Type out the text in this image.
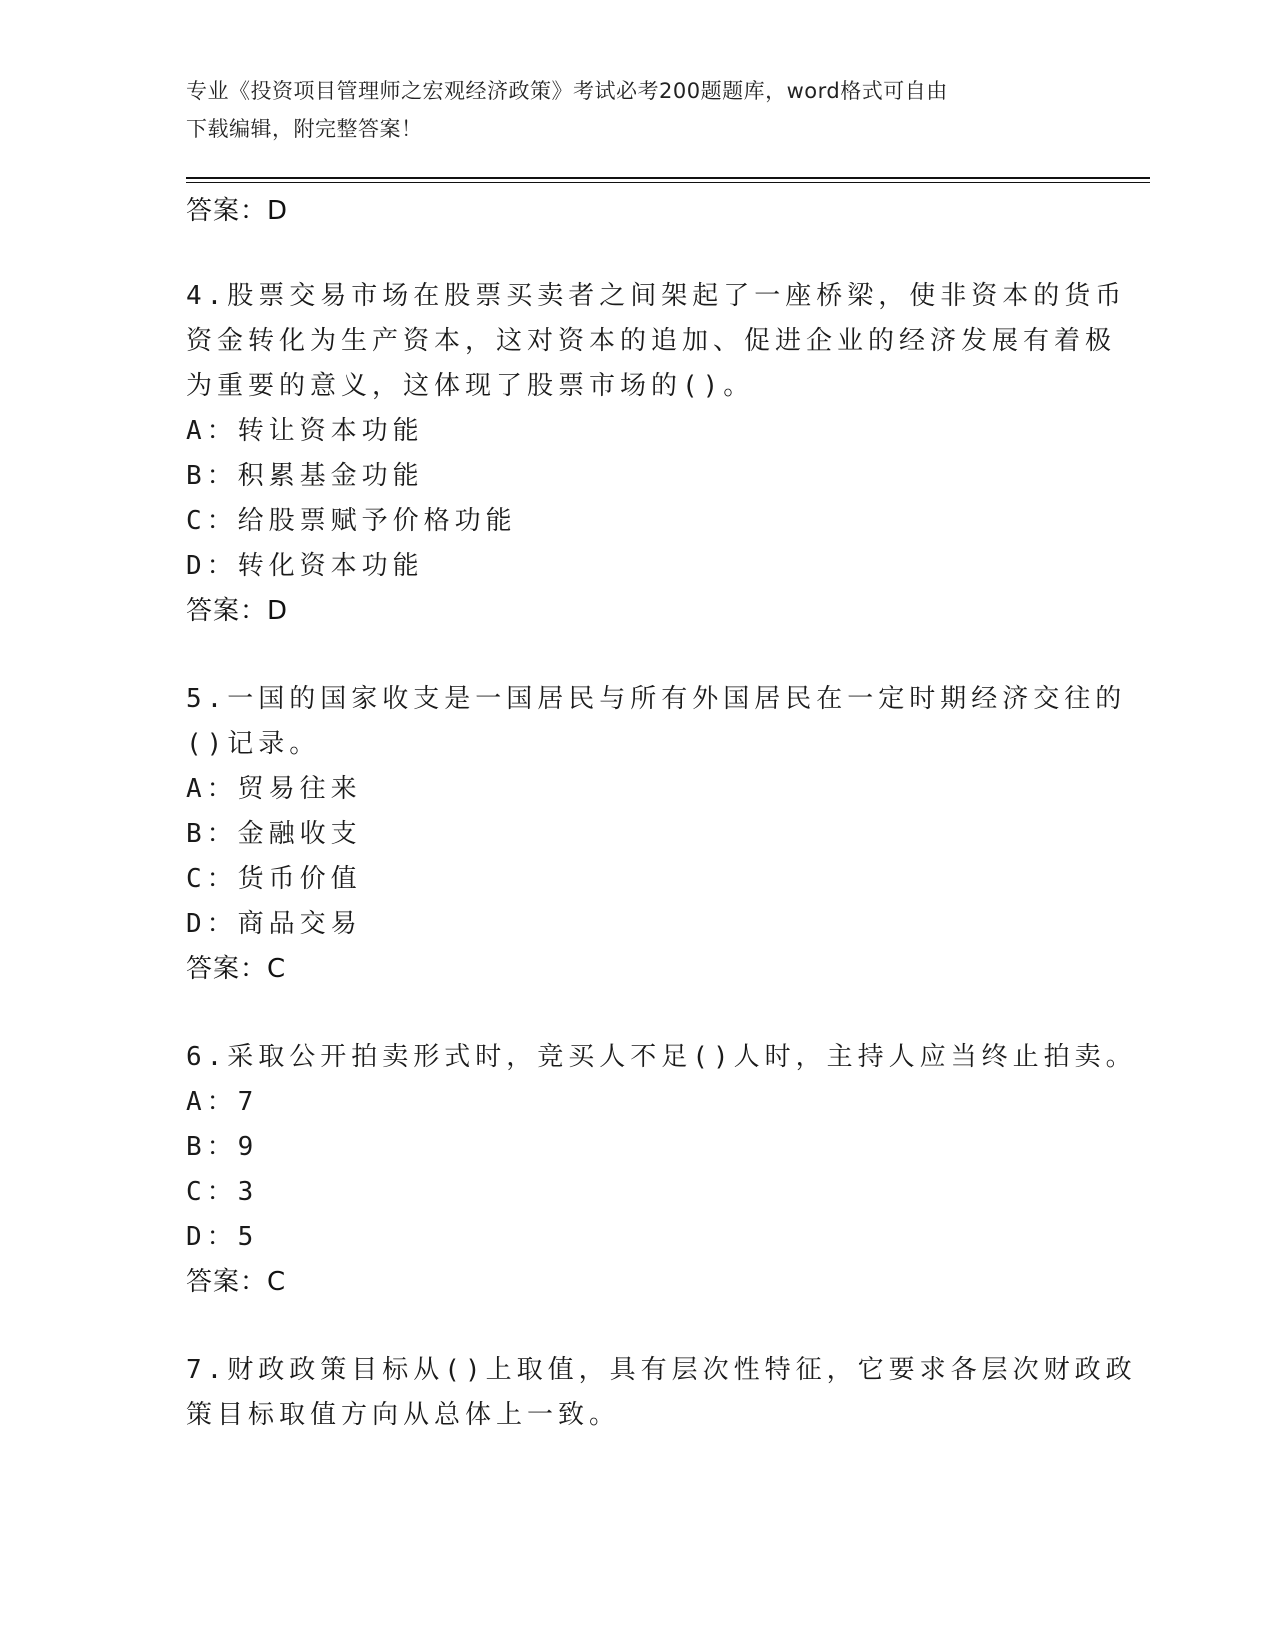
专业《投资项目管理师之宏观经济政策》考试必考200题题库，word格式可自由
下载编辑，附完整答案！
答案：D
4.股票交易市场在股票买卖者之间架起了一座桥梁，使非资本的货币
资金转化为生产资本，这对资本的追加、促进企业的经济发展有着极
为重要的意义，这体现了股票市场的()。
A：转让资本功能
B：积累基金功能
C：给股票赋予价格功能
D：转化资本功能
答案：D
5.一国的国家收支是一国居民与所有外国居民在一定时期经济交往的
()记录。
A：贸易往来
B：金融收支
C：货币价值
D：商品交易
答案：C
6.采取公开拍卖形式时，竞买人不足()人时，主持人应当终止拍卖。
A：7
B：9
C：3
D：5
答案：C
7.财政政策目标从()上取值，具有层次性特征，它要求各层次财政政
策目标取值方向从总体上一致。
